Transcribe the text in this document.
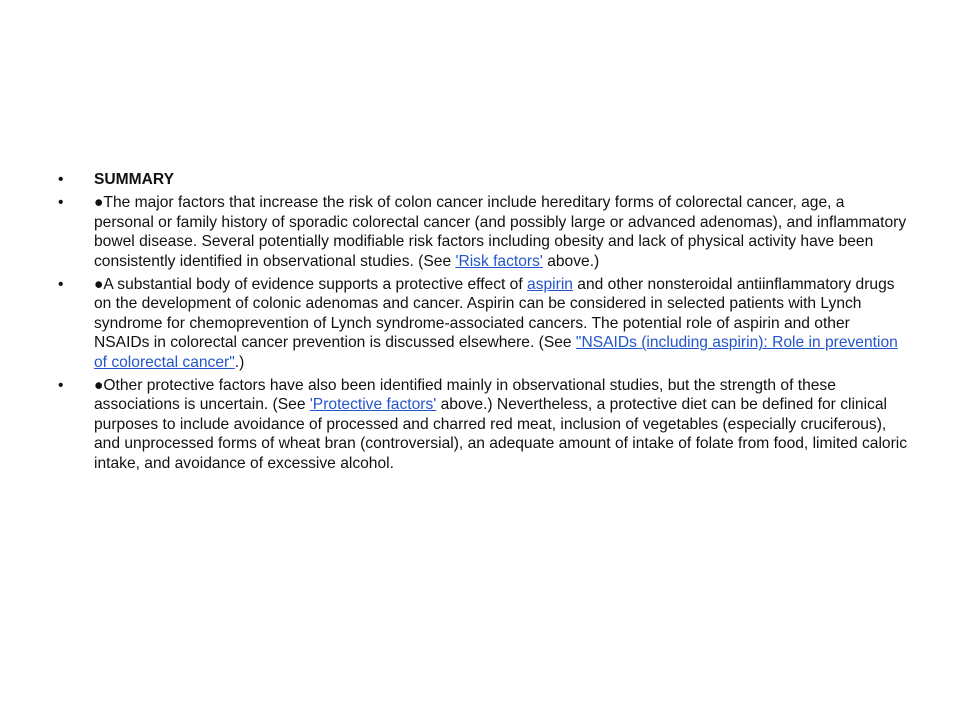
•	SUMMARY
•	●The major factors that increase the risk of colon cancer include hereditary forms of colorectal cancer, age, a personal or family history of sporadic colorectal cancer (and possibly large or advanced adenomas), and inflammatory bowel disease. Several potentially modifiable risk factors including obesity and lack of physical activity have been consistently identified in observational studies. (See 'Risk factors' above.)
•	●A substantial body of evidence supports a protective effect of aspirin and other nonsteroidal antiinflammatory drugs on the development of colonic adenomas and cancer. Aspirin can be considered in selected patients with Lynch syndrome for chemoprevention of Lynch syndrome-associated cancers. The potential role of aspirin and other NSAIDs in colorectal cancer prevention is discussed elsewhere. (See "NSAIDs (including aspirin): Role in prevention of colorectal cancer".)
•	●Other protective factors have also been identified mainly in observational studies, but the strength of these associations is uncertain. (See 'Protective factors' above.) Nevertheless, a protective diet can be defined for clinical purposes to include avoidance of processed and charred red meat, inclusion of vegetables (especially cruciferous), and unprocessed forms of wheat bran (controversial), an adequate amount of intake of folate from food, limited caloric intake, and avoidance of excessive alcohol.
